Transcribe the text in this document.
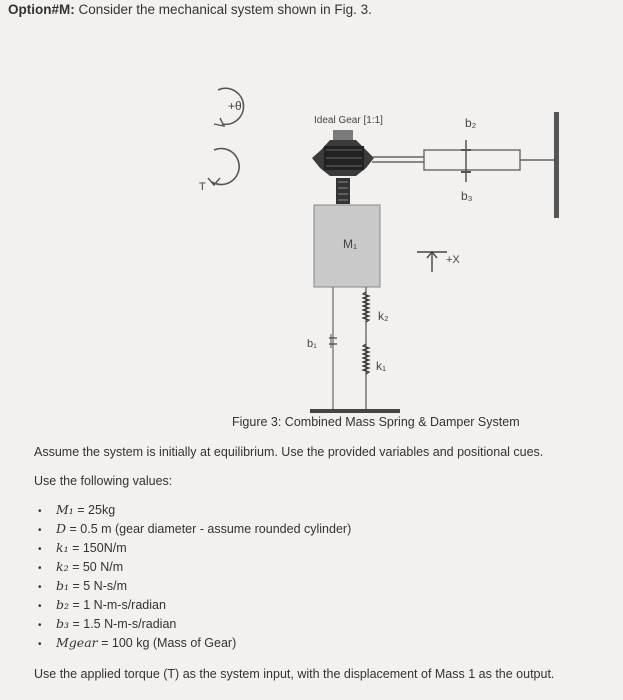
Option#M: Consider the mechanical system shown in Fig. 3.
+θ
T
Ideal Gear [1:1]	b₂
b₃
M₁
+X
b₁
k₂
k₁
Figure 3: Combined Mass Spring & Damper System
Assume the system is initially at equilibrium. Use the provided variables and positional cues.
Use the following values:
• M₁ = 25kg
• D = 0.5 m (gear diameter - assume rounded cylinder)
• k₁ = 150N/m
• k₂ = 50 N/m
• b₁ = 5 N-s/m
• b₂ = 1 N-m-s/radian
• b₃ = 1.5 N-m-s/radian
• Mgear = 100 kg (Mass of Gear)
Use the applied torque (T) as the system input, with the displacement of Mass 1 as the output.
